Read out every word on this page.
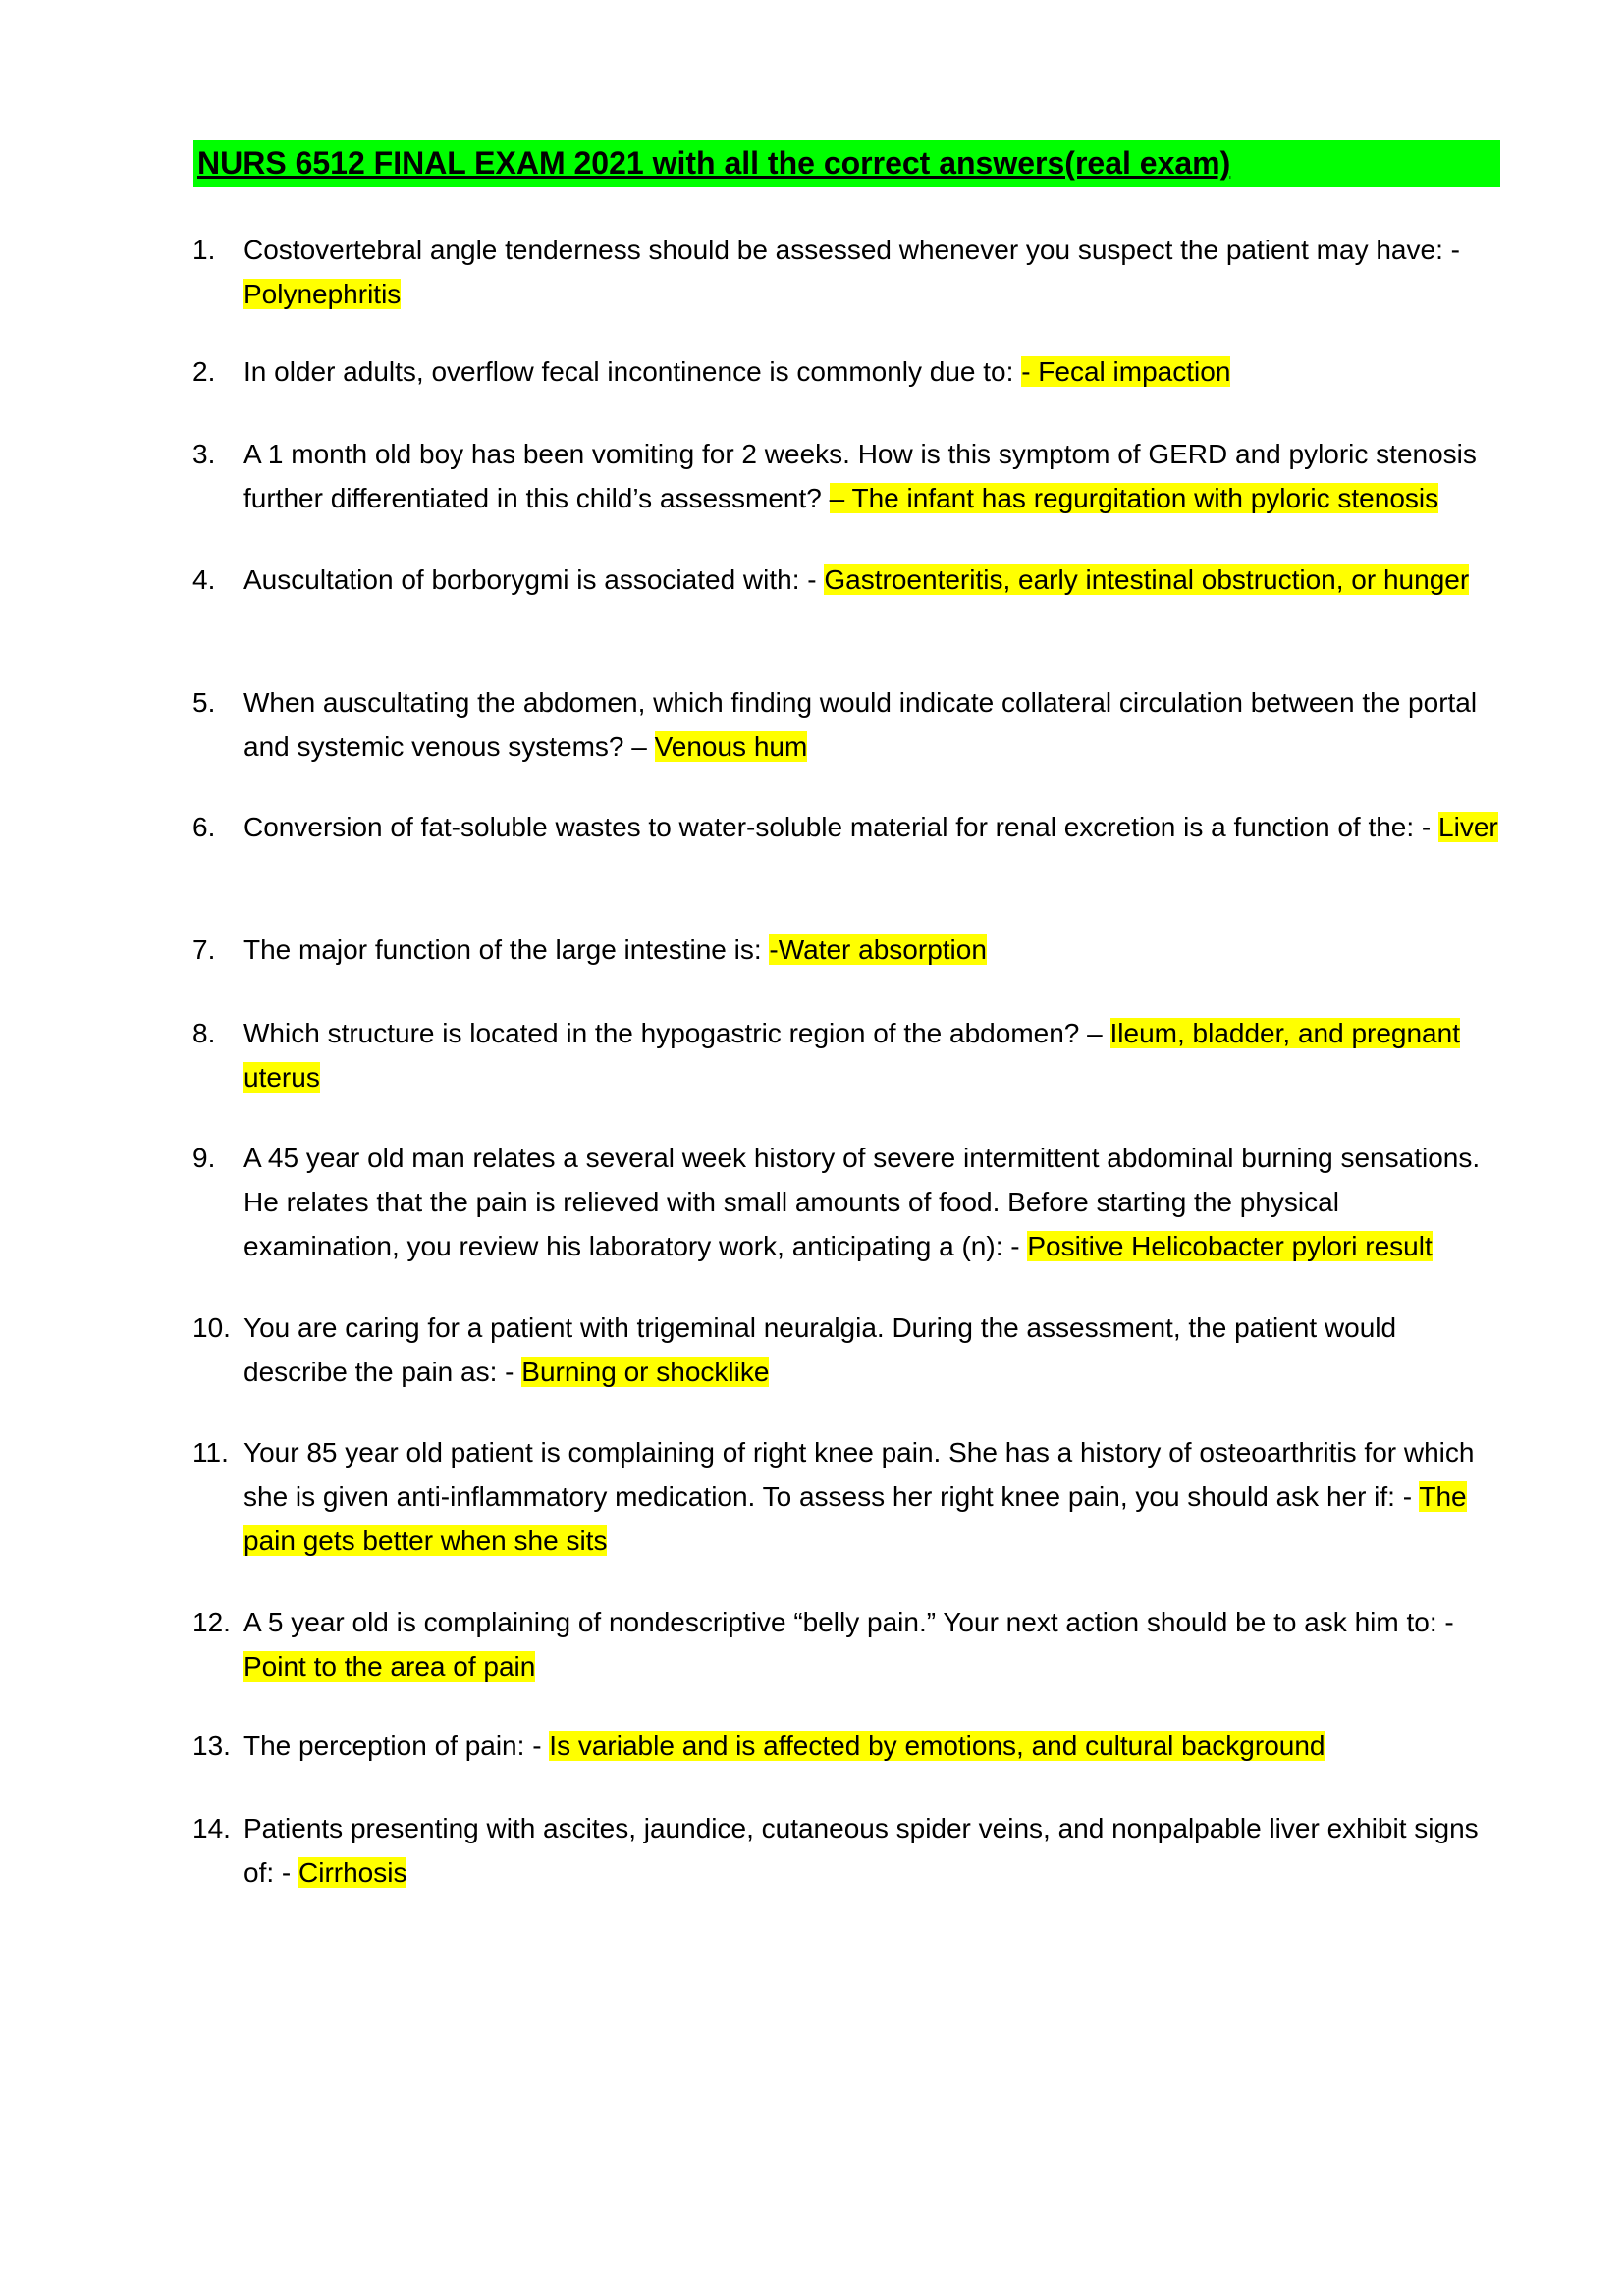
NURS 6512 FINAL EXAM 2021 with all the correct answers(real exam)
1.	Costovertebral angle tenderness should be assessed whenever you suspect the patient may have: - Polynephritis
2.	In older adults, overflow fecal incontinence is commonly due to: - Fecal impaction
3.	A 1 month old boy has been vomiting for 2 weeks. How is this symptom of GERD and pyloric stenosis further differentiated in this child’s assessment? – The infant has regurgitation with pyloric stenosis
4.	Auscultation of borborygmi is associated with: - Gastroenteritis, early intestinal obstruction, or hunger
5.	When auscultating the abdomen, which finding would indicate collateral circulation between the portal and systemic venous systems? – Venous hum
6.	Conversion of fat-soluble wastes to water-soluble material for renal excretion is a function of the: - Liver
7.	The major function of the large intestine is: -Water absorption
8.	Which structure is located in the hypogastric region of the abdomen? – Ileum, bladder, and pregnant uterus
9.	A 45 year old man relates a several week history of severe intermittent abdominal burning sensations. He relates that the pain is relieved with small amounts of food. Before starting the physical examination, you review his laboratory work, anticipating a (n): - Positive Helicobacter pylori result
10. You are caring for a patient with trigeminal neuralgia. During the assessment, the patient would describe the pain as: - Burning or shocklike
11. Your 85 year old patient is complaining of right knee pain. She has a history of osteoarthritis for which she is given anti-inflammatory medication. To assess her right knee pain, you should ask her if: - The pain gets better when she sits
12. A 5 year old is complaining of nondescriptive “belly pain.” Your next action should be to ask him to: - Point to the area of pain
13. The perception of pain: - Is variable and is affected by emotions, and cultural background
14. Patients presenting with ascites, jaundice, cutaneous spider veins, and nonpalpable liver exhibit signs of: - Cirrhosis
